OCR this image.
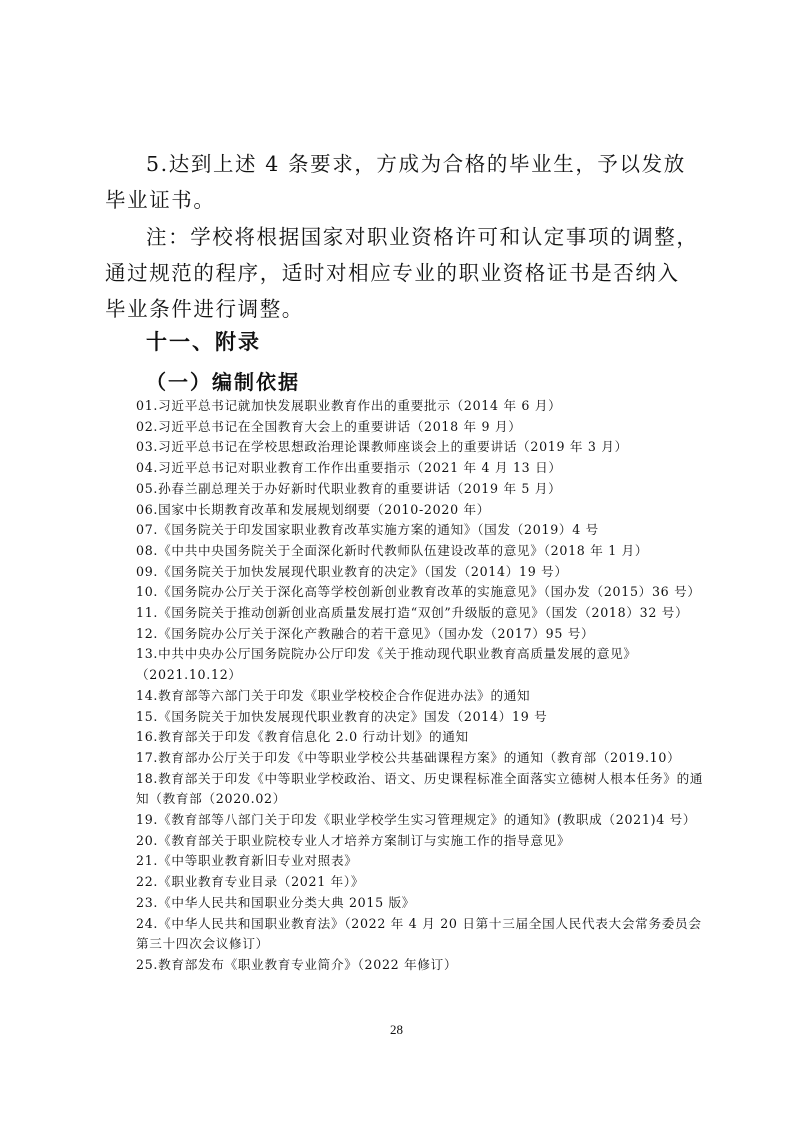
5.达到上述 4 条要求，方成为合格的毕业生，予以发放毕业证书。

注：学校将根据国家对职业资格许可和认定事项的调整，通过规范的程序，适时对相应专业的职业资格证书是否纳入毕业条件进行调整。

十一、附录
（一）编制依据
01.习近平总书记就加快发展职业教育作出的重要批示（2014 年 6 月）
02.习近平总书记在全国教育大会上的重要讲话（2018 年 9 月）
03.习近平总书记在学校思想政治理论课教师座谈会上的重要讲话（2019 年 3 月）
04.习近平总书记对职业教育工作作出重要指示（2021 年 4 月 13 日）
05.孙春兰副总理关于办好新时代职业教育的重要讲话（2019 年 5 月）
06.国家中长期教育改革和发展规划纲要（2010-2020 年）
07.《国务院关于印发国家职业教育改革实施方案的通知》（国发（2019）4 号
08.《中共中央国务院关于全面深化新时代教师队伍建设改革的意见》（2018 年 1 月）
09.《国务院关于加快发展现代职业教育的决定》（国发（2014）19 号）
10.《国务院办公厅关于深化高等学校创新创业教育改革的实施意见》（国办发（2015）36 号）
11.《国务院关于推动创新创业高质量发展打造“双创”升级版的意见》（国发（2018）32 号）
12.《国务院办公厅关于深化产教融合的若干意见》（国办发（2017）95 号）
13.中共中央办公厅国务院院办公厅印发《关于推动现代职业教育高质量发展的意见》（2021.10.12）
14.教育部等六部门关于印发《职业学校校企合作促进办法》的通知
15.《国务院关于加快发展现代职业教育的决定》国发（2014）19 号
16.教育部关于印发《教育信息化 2.0 行动计划》的通知
17.教育部办公厅关于印发《中等职业学校公共基础课程方案》的通知（教育部（2019.10）
18.教育部关于印发《中等职业学校政治、语文、历史课程标准全面落实立德树人根本任务》的通知（教育部（2020.02）
19.《教育部等八部门关于印发《职业学校学生实习管理规定》的通知》(教职成（2021)4 号）
20.《教育部关于职业院校专业人才培养方案制订与实施工作的指导意见》
21.《中等职业教育新旧专业对照表》
22.《职业教育专业目录（2021 年）》
23.《中华人民共和国职业分类大典 2015 版》
24.《中华人民共和国职业教育法》（2022 年 4 月 20 日第十三届全国人民代表大会常务委员会第三十四次会议修订）
25.教育部发布《职业教育专业简介》（2022 年修订）
28
